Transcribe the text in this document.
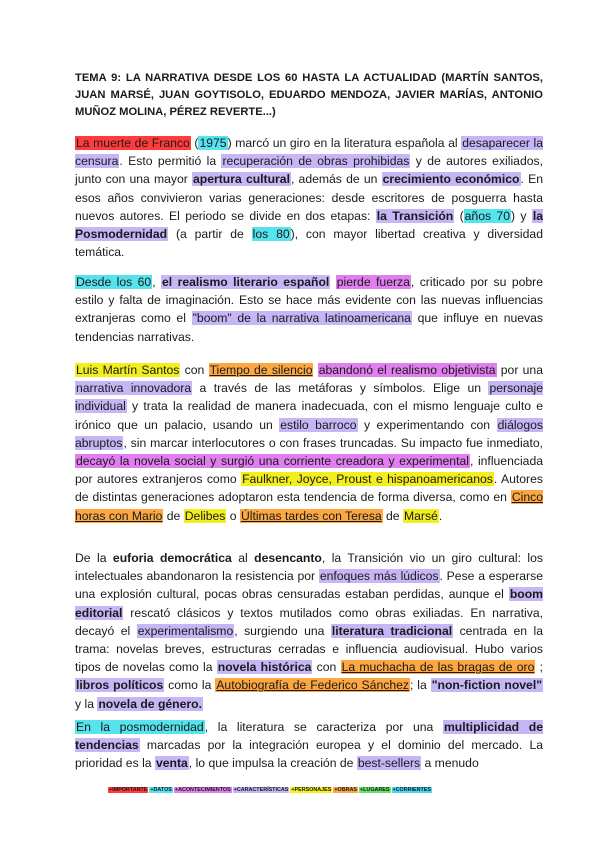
TEMA 9: LA NARRATIVA DESDE LOS 60 HASTA LA ACTUALIDAD (MARTÍN SANTOS, JUAN MARSÉ, JUAN GOYTISOLO, EDUARDO MENDOZA, JAVIER MARÍAS, ANTONIO MUÑOZ MOLINA, PÉREZ REVERTE...)

La muerte de Franco (1975) marcó un giro en la literatura española al desaparecer la censura. Esto permitió la recuperación de obras prohibidas y de autores exiliados, junto con una mayor apertura cultural, además de un crecimiento económico. En esos años convivieron varias generaciones: desde escritores de posguerra hasta nuevos autores. El periodo se divide en dos etapas: la Transición (años 70) y la Posmodernidad (a partir de los 80), con mayor libertad creativa y diversidad temática.

Desde los 60, el realismo literario español pierde fuerza, criticado por su pobre estilo y falta de imaginación. Esto se hace más evidente con las nuevas influencias extranjeras como el "boom" de la narrativa latinoamericana que influye en nuevas tendencias narrativas.

Luis Martín Santos con Tiempo de silencio abandonó el realismo objetivista por una narrativa innovadora a través de las metáforas y símbolos. Elige un personaje individual y trata la realidad de manera inadecuada, con el mismo lenguaje culto e irónico que un palacio, usando un estilo barroco y experimentando con diálogos abruptos, sin marcar interlocutores o con frases truncadas. Su impacto fue inmediato, decayó la novela social y surgió una corriente creadora y experimental, influenciada por autores extranjeros como Faulkner, Joyce, Proust e hispanoamericanos. Autores de distintas generaciones adoptaron esta tendencia de forma diversa, como en Cinco horas con Mario de Delibes o Últimas tardes con Teresa de Marsé.

De la euforia democrática al desencanto, la Transición vio un giro cultural: los intelectuales abandonaron la resistencia por enfoques más lúdicos. Pese a esperarse una explosión cultural, pocas obras censuradas estaban perdidas, aunque el boom editorial rescató clásicos y textos mutilados como obras exiliadas. En narrativa, decayó el experimentalismo, surgiendo una literatura tradicional centrada en la trama: novelas breves, estructuras cerradas e influencia audiovisual. Hubo varios tipos de novelas como la novela histórica con La muchacha de las bragas de oro ; libros políticos como la Autobiografía de Federico Sánchez; la "non-fiction novel" y la novela de género.

En la posmodernidad, la literatura se caracteriza por una multiplicidad de tendencias marcadas por la integración europea y el dominio del mercado. La prioridad es la venta, lo que impulsa la creación de best-sellers a menudo

+IMPORTANTE +DATOS +ACONTECIMIENTOS +CARACTERÍSTICAS +PERSONAJES +OBRAS +LUGARES +CORRIENTES
